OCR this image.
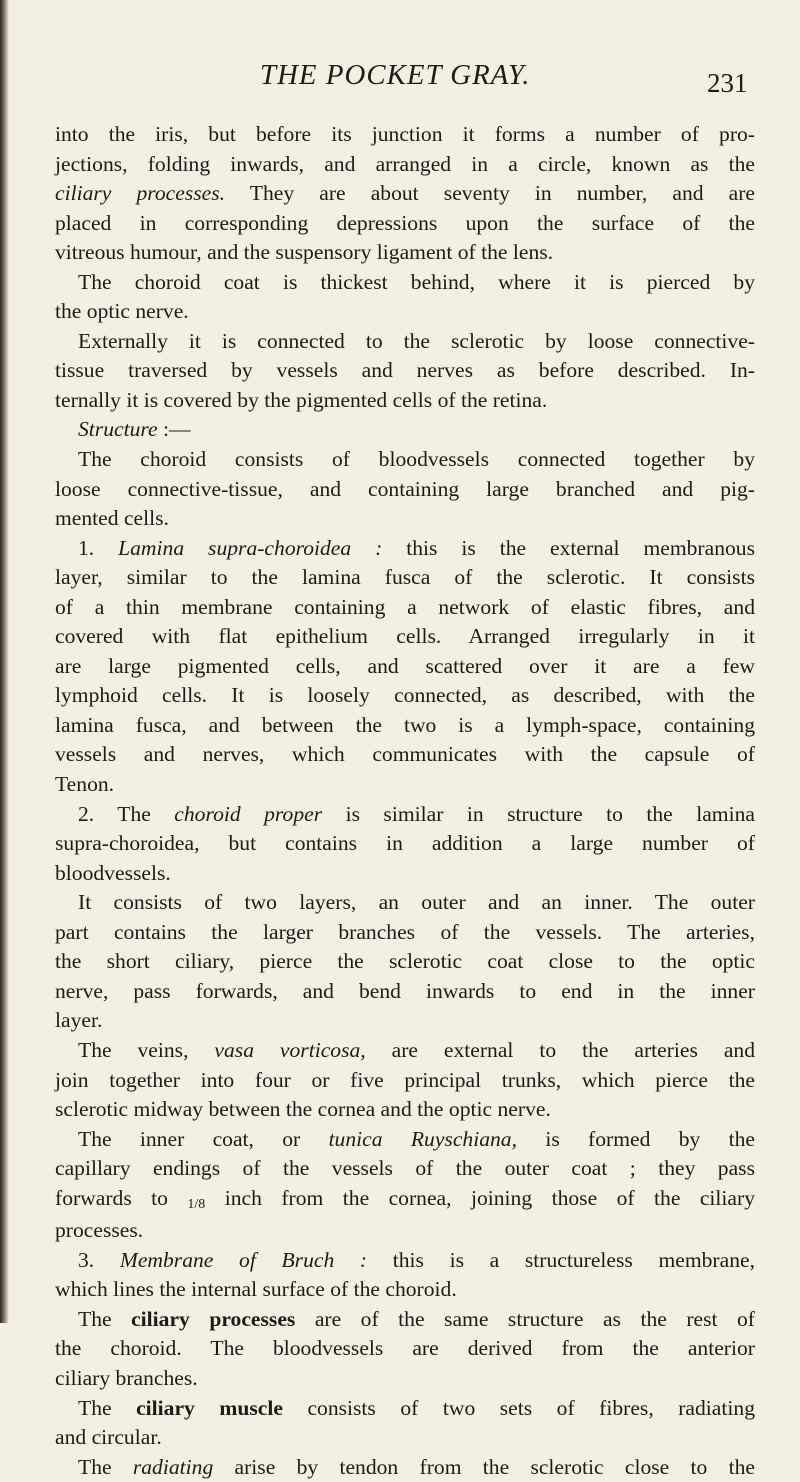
THE POCKET GRAY.	231
into the iris, but before its junction it forms a number of pro-
jections, folding inwards, and arranged in a circle, known as the
ciliary processes. They are about seventy in number, and are
placed in corresponding depressions upon the surface of the
vitreous humour, and the suspensory ligament of the lens.
The choroid coat is thickest behind, where it is pierced by
the optic nerve.
Externally it is connected to the sclerotic by loose connective-
tissue traversed by vessels and nerves as before described. In-
ternally it is covered by the pigmented cells of the retina.
Structure :—
The choroid consists of bloodvessels connected together by
loose connective-tissue, and containing large branched and pig-
mented cells.
1. Lamina supra-choroidea : this is the external membranous
layer, similar to the lamina fusca of the sclerotic. It consists
of a thin membrane containing a network of elastic fibres, and
covered with flat epithelium cells. Arranged irregularly in it
are large pigmented cells, and scattered over it are a few
lymphoid cells. It is loosely connected, as described, with the
lamina fusca, and between the two is a lymph-space, containing
vessels and nerves, which communicates with the capsule of
Tenon.
2. The choroid proper is similar in structure to the lamina
supra-choroidea, but contains in addition a large number of
bloodvessels.
It consists of two layers, an outer and an inner. The outer
part contains the larger branches of the vessels. The arteries,
the short ciliary, pierce the sclerotic coat close to the optic
nerve, pass forwards, and bend inwards to end in the inner
layer.
The veins, vasa vorticosa, are external to the arteries and
join together into four or five principal trunks, which pierce the
sclerotic midway between the cornea and the optic nerve.
The inner coat, or tunica Ruyschiana, is formed by the
capillary endings of the vessels of the outer coat ; they pass
forwards to 1/8 inch from the cornea, joining those of the ciliary
processes.
3. Membrane of Bruch : this is a structureless membrane,
which lines the internal surface of the choroid.
The ciliary processes are of the same structure as the rest of
the choroid. The bloodvessels are derived from the anterior
ciliary branches.
The ciliary muscle consists of two sets of fibres, radiating
and circular.
The radiating arise by tendon from the sclerotic close to the
